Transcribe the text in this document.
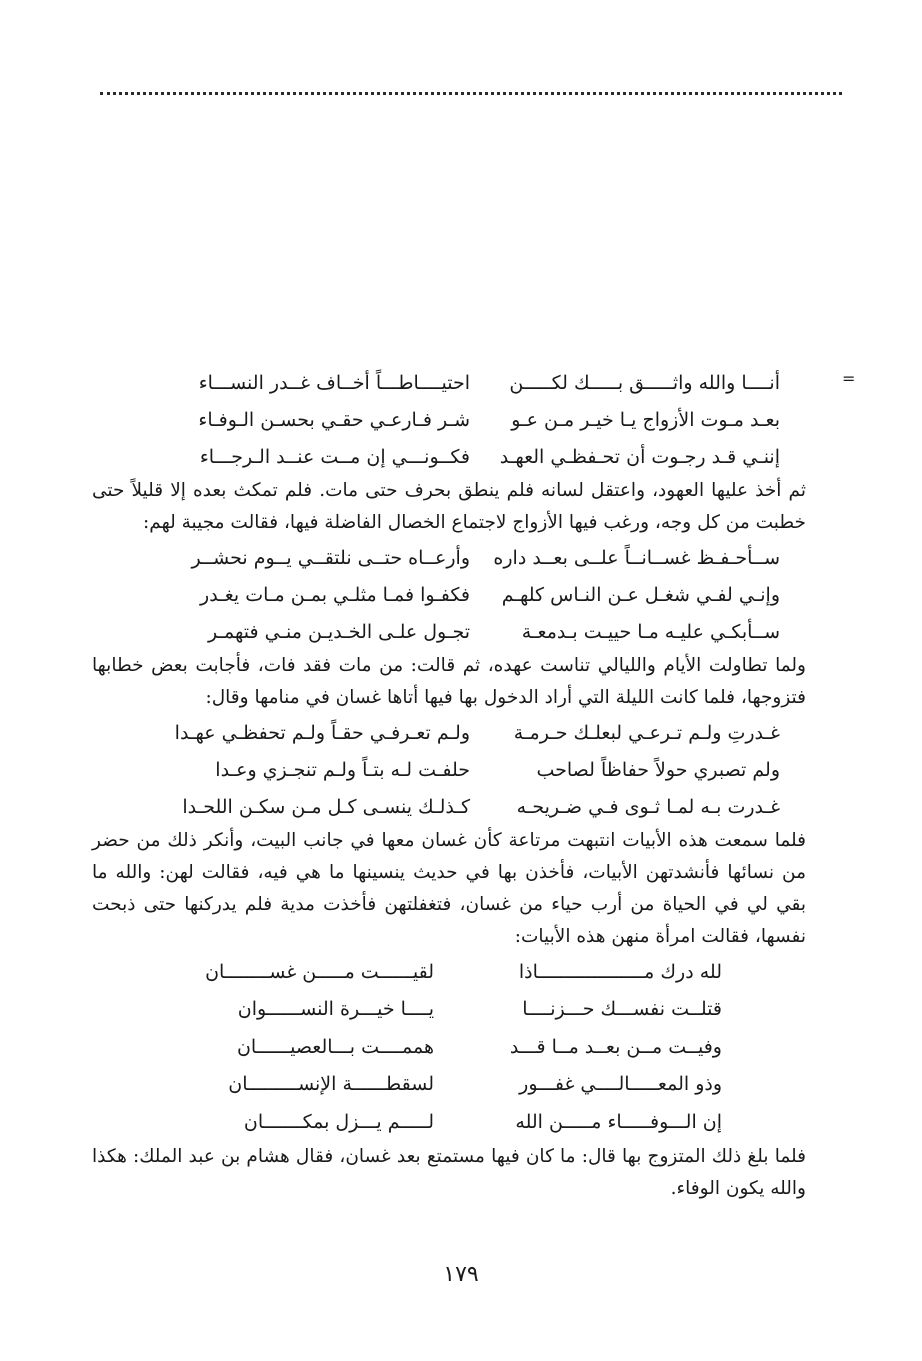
=
أنــــا والله واثـــــق بـــــك لكـــــن
احتيــــاطـــاً أخــاف غــدر النســـاء
بعـد مـوت الأزواج يـا خيـر مـن عـو
شـر فـارعـي حقـي بحسـن الـوفـاء
إننـي قـد رجـوت أن تحـفظـي العهـد
فكــونـــي إن مــت عنــد الـرجـــاء

ثم أخذ عليها العهود، واعتقل لسانه فلم ينطق بحرف حتى مات. فلم تمكث بعده إلا قليلاً حتى خطبت من كل وجه، ورغب فيها الأزواج لاجتماع الخصال الفاضلة فيها، فقالت مجيبة لهم:

ســأحـفـظ غســانــاً علــى بعــد داره
وأرعــاه حتــى نلتقــي يــوم نحشــر
وإنـي لفـي شغـل عـن النـاس كلهـم
فكفـوا فمـا مثلـي بمـن مـات يغـدر
ســأبكـي عليـه مـا حييـت بـدمعـة
تجـول علـى الخـديـن منـي فتهمـر

ولما تطاولت الأيام والليالي تناست عهده، ثم قالت: من مات فقد فات، فأجابت بعض خطابها فتزوجها، فلما كانت الليلة التي أراد الدخول بها فيها أتاها غسان في منامها وقال:

غـدرتِ ولـم تـرعـي لبعلـك حـرمـة
ولـم تعـرفـي حقـاً ولـم تحفظـي عهـدا
ولم تصبري حولاً حفاظاً لصاحب
حلفـت لـه بتـاً ولـم تنجـزي وعـدا
غـدرت بـه لمـا ثـوى فـي ضـريحـه
كـذلـك ينسـى كـل مـن سكـن اللحـدا

فلما سمعت هذه الأبيات انتبهت مرتاعة كأن غسان معها في جانب البيت، وأنكر ذلك من حضر من نسائها فأنشدتهن الأبيات، فأخذن بها في حديث ينسينها ما هي فيه، فقالت لهن: والله ما بقي لي في الحياة من أرب حياء من غسان، فتغفلتهن فأخذت مدية فلم يدركنها حتى ذبحت نفسها، فقالت امرأة منهن هذه الأبيات:

لله درك مـــــــــــــــــــاذا
لقيــــــت مـــــن غســــــــان
قتلــت نفســـك حـــزنــــا
يــــا خيـــرة النســــــوان
وفيــت مــن بعــد مــا قـــد
هممــــت بـــالعصيــــــان
وذو المعـــــالــــي غفـــور
لسقطــــــة الإنســـــــــان
إن الـــوفـــــاء مـــــن الله
لـــــم يـــزل بمكـــــــان

فلما بلغ ذلك المتزوج بها قال: ما كان فيها مستمتع بعد غسان، فقال هشام بن عبد الملك: هكذا والله يكون الوفاء.

١٧٩
